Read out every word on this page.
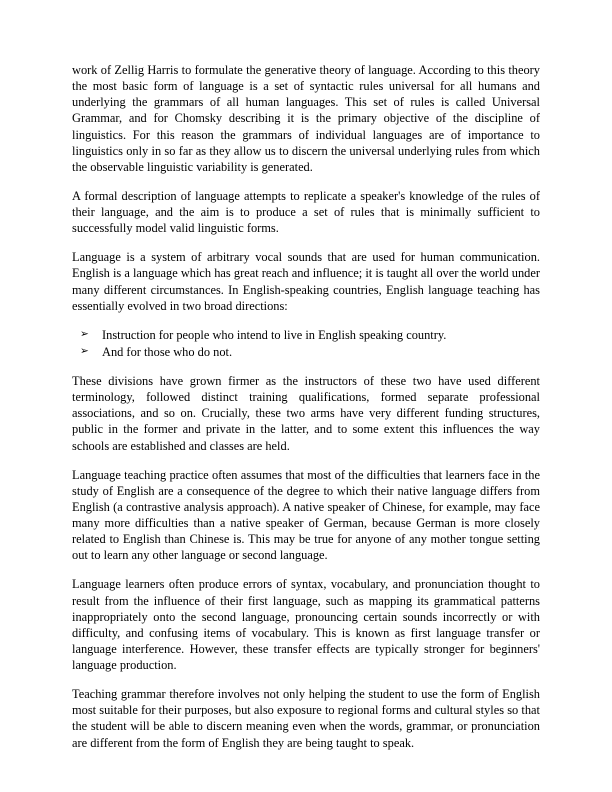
work of Zellig Harris to formulate the generative theory of language. According to this theory the most basic form of language is a set of syntactic rules universal for all humans and underlying the grammars of all human languages. This set of rules is called Universal Grammar, and for Chomsky describing it is the primary objective of the discipline of linguistics. For this reason the grammars of individual languages are of importance to linguistics only in so far as they allow us to discern the universal underlying rules from which the observable linguistic variability is generated.

A formal description of language attempts to replicate a speaker's knowledge of the rules of their language, and the aim is to produce a set of rules that is minimally sufficient to successfully model valid linguistic forms.

Language is a system of arbitrary vocal sounds that are used for human communication. English is a language which has great reach and influence; it is taught all over the world under many different circumstances. In English-speaking countries, English language teaching has essentially evolved in two broad directions:

➢ Instruction for people who intend to live in English speaking country.
➢ And for those who do not.

These divisions have grown firmer as the instructors of these two have used different terminology, followed distinct training qualifications, formed separate professional associations, and so on. Crucially, these two arms have very different funding structures, public in the former and private in the latter, and to some extent this influences the way schools are established and classes are held.

Language teaching practice often assumes that most of the difficulties that learners face in the study of English are a consequence of the degree to which their native language differs from English (a contrastive analysis approach). A native speaker of Chinese, for example, may face many more difficulties than a native speaker of German, because German is more closely related to English than Chinese is. This may be true for anyone of any mother tongue setting out to learn any other language or second language.

Language learners often produce errors of syntax, vocabulary, and pronunciation thought to result from the influence of their first language, such as mapping its grammatical patterns inappropriately onto the second language, pronouncing certain sounds incorrectly or with difficulty, and confusing items of vocabulary. This is known as first language transfer or language interference. However, these transfer effects are typically stronger for beginners' language production.

Teaching grammar therefore involves not only helping the student to use the form of English most suitable for their purposes, but also exposure to regional forms and cultural styles so that the student will be able to discern meaning even when the words, grammar, or pronunciation are different from the form of English they are being taught to speak.
